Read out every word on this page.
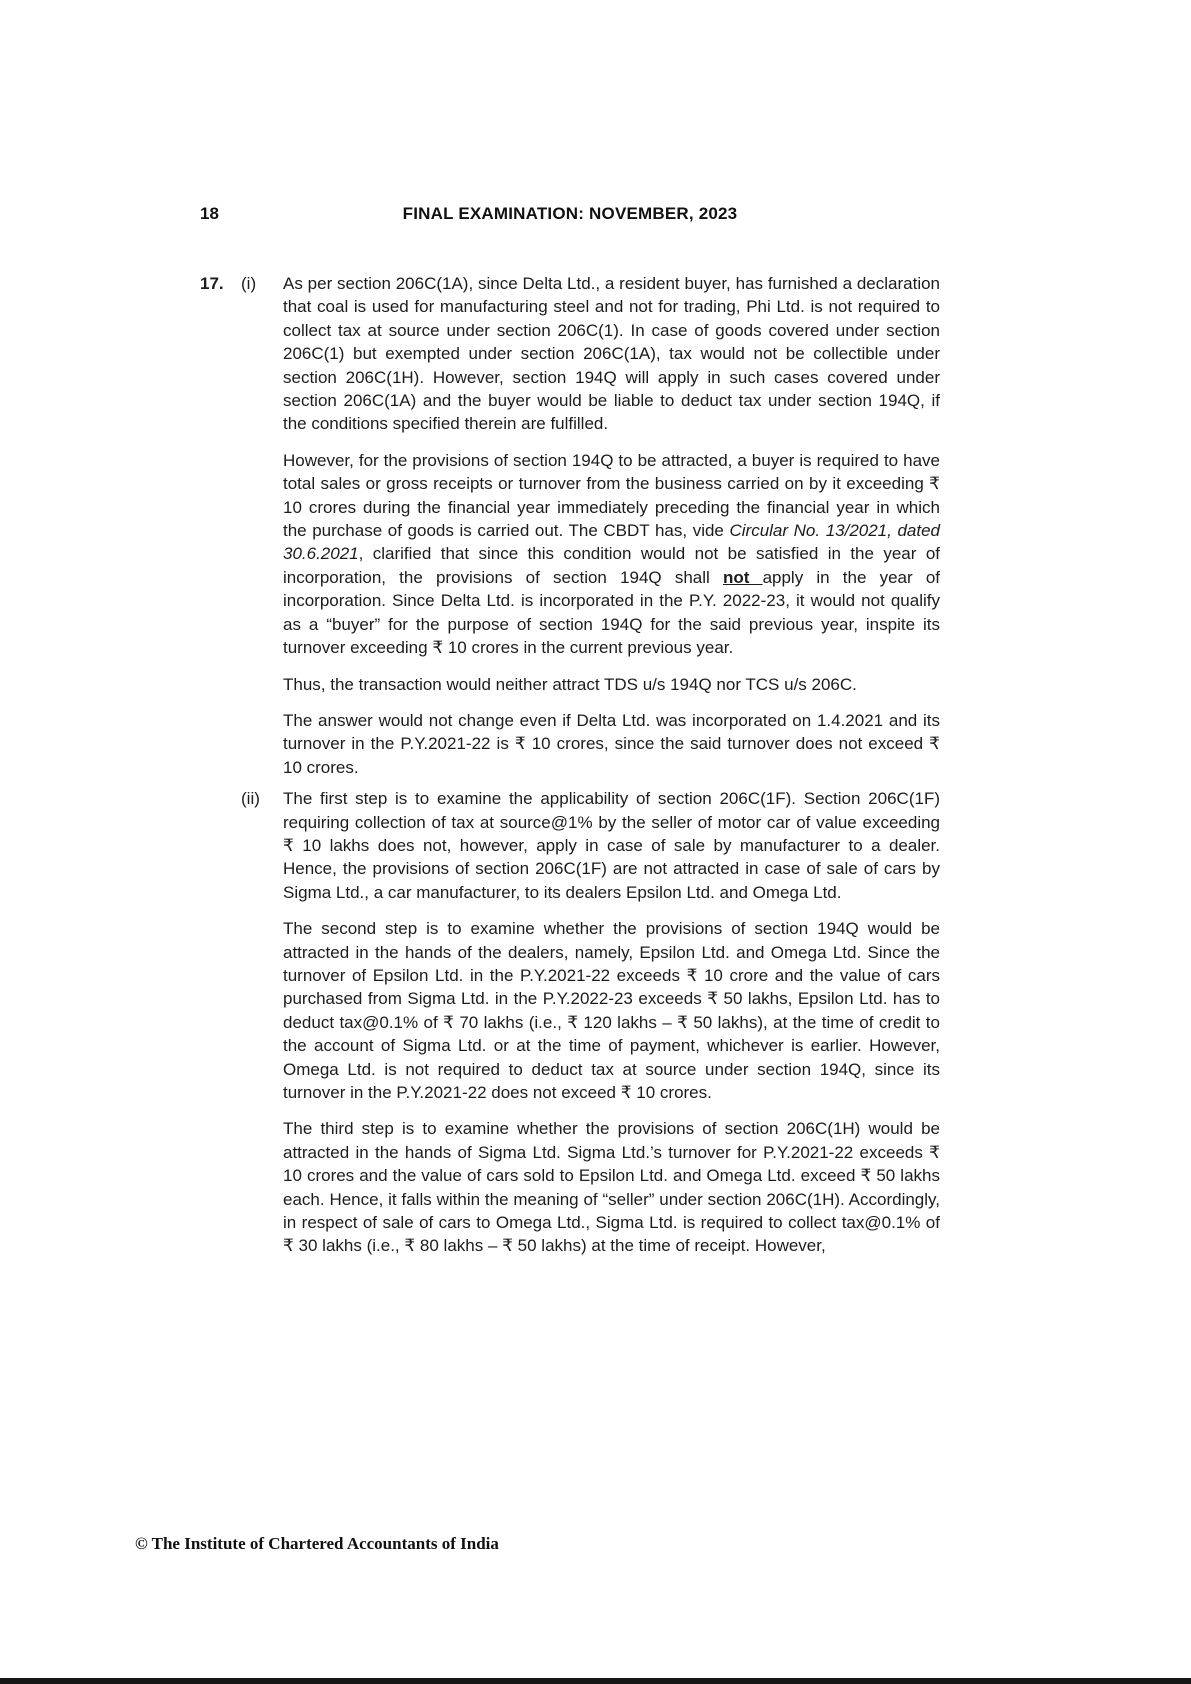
18	FINAL EXAMINATION: NOVEMBER, 2023
17.	(i)	As per section 206C(1A), since Delta Ltd., a resident buyer, has furnished a declaration that coal is used for manufacturing steel and not for trading, Phi Ltd. is not required to collect tax at source under section 206C(1). In case of goods covered under section 206C(1) but exempted under section 206C(1A), tax would not be collectible under section 206C(1H). However, section 194Q will apply in such cases covered under section 206C(1A) and the buyer would be liable to deduct tax under section 194Q, if the conditions specified therein are fulfilled.

However, for the provisions of section 194Q to be attracted, a buyer is required to have total sales or gross receipts or turnover from the business carried on by it exceeding ₹ 10 crores during the financial year immediately preceding the financial year in which the purchase of goods is carried out. The CBDT has, vide Circular No. 13/2021, dated 30.6.2021, clarified that since this condition would not be satisfied in the year of incorporation, the provisions of section 194Q shall not apply in the year of incorporation. Since Delta Ltd. is incorporated in the P.Y. 2022-23, it would not qualify as a “buyer” for the purpose of section 194Q for the said previous year, inspite its turnover exceeding ₹ 10 crores in the current previous year.

Thus, the transaction would neither attract TDS u/s 194Q nor TCS u/s 206C.

The answer would not change even if Delta Ltd. was incorporated on 1.4.2021 and its turnover in the P.Y.2021-22 is ₹ 10 crores, since the said turnover does not exceed ₹ 10 crores.

(ii)	The first step is to examine the applicability of section 206C(1F). Section 206C(1F) requiring collection of tax at source@1% by the seller of motor car of value exceeding ₹ 10 lakhs does not, however, apply in case of sale by manufacturer to a dealer. Hence, the provisions of section 206C(1F) are not attracted in case of sale of cars by Sigma Ltd., a car manufacturer, to its dealers Epsilon Ltd. and Omega Ltd.

The second step is to examine whether the provisions of section 194Q would be attracted in the hands of the dealers, namely, Epsilon Ltd. and Omega Ltd. Since the turnover of Epsilon Ltd. in the P.Y.2021-22 exceeds ₹ 10 crore and the value of cars purchased from Sigma Ltd. in the P.Y.2022-23 exceeds ₹ 50 lakhs, Epsilon Ltd. has to deduct tax@0.1% of ₹ 70 lakhs (i.e., ₹ 120 lakhs – ₹ 50 lakhs), at the time of credit to the account of Sigma Ltd. or at the time of payment, whichever is earlier. However, Omega Ltd. is not required to deduct tax at source under section 194Q, since its turnover in the P.Y.2021-22 does not exceed ₹ 10 crores.

The third step is to examine whether the provisions of section 206C(1H) would be attracted in the hands of Sigma Ltd. Sigma Ltd.’s turnover for P.Y.2021-22 exceeds ₹ 10 crores and the value of cars sold to Epsilon Ltd. and Omega Ltd. exceed ₹ 50 lakhs each. Hence, it falls within the meaning of “seller” under section 206C(1H). Accordingly, in respect of sale of cars to Omega Ltd., Sigma Ltd. is required to collect tax@0.1% of ₹ 30 lakhs (i.e., ₹ 80 lakhs – ₹ 50 lakhs) at the time of receipt. However,

© The Institute of Chartered Accountants of India
